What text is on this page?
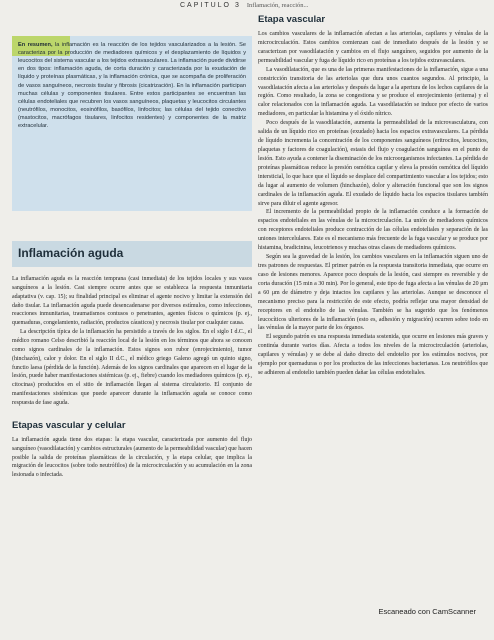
CAPITULO 3 Inflamación, reacción...
En resumen, la inflamación es la reacción de los tejidos vascularizados a la lesión. Se caracteriza por la producción de mediadores químicos y el desplazamiento de líquidos y leucocitos del sistema vascular a los tejidos extravasculares. La inflamación puede dividirse en dos tipos: inflamación aguda, de corta duración y caracterizada por la exudación de líquido y proteínas plasmáticas, y la inflamación crónica, que se acompaña de proliferación de vasos sanguíneos, necrosis tisular y fibrosis (cicatrización). En la inflamación participan muchas células y componentes tisulares. Entre estos participantes se encuentran las células endoteliales que recubren los vasos sanguíneos, plaquetas y leucocitos circulantes (neutrófilos, monocitos, eosinófilos, basófilos, linfocitos; las células del tejido conectivo (mastocitos, macrófagos tisulares, linfocitos residentes) y componentes de la matriz extracelular.
Inflamación aguda

La inflamación aguda es la reacción temprana (casi inmediata) de los tejidos locales y sus vasos sanguíneos a la lesión. Casi siempre ocurre antes que se establezca la respuesta inmunitaria adaptativa (v. cap. 15); su finalidad principal es eliminar el agente nocivo y limitar la extensión del daño tisular. La inflamación aguda puede desencadenarse por diversos estímulos, como infecciones, reacciones inmunitarias, traumatismos contusos o penetrantes, agentes físicos o químicos (p. ej., quemaduras, congelamiento, radiación, productos cáusticos) y necrosis tisular por cualquier causa.

La descripción típica de la inflamación ha persistido a través de los siglos. En el siglo I d.C., el médico romano Celso describió la reacción local de la lesión en los términos que ahora se conocen como signos cardinales de la inflamación. Estos signos son rubor (enrojecimiento), tumor (hinchazón), calor y dolor. En el siglo II d.C., el médico griego Galeno agregó un quinto signo, functio laesa (pérdida de la función). Además de los signos cardinales que aparecen en el lugar de la lesión, puede haber manifestaciones sistémicas (p. ej., fiebre) cuando los mediadores químicos (p. ej., citocinas) producidos en el sitio de inflamación llegan al sistema circulatorio. El conjunto de manifestaciones sistémicas que puede aparecer durante la inflamación aguda se conoce como respuesta de fase aguda.

Etapas vascular y celular

La inflamación aguda tiene dos etapas: la etapa vascular, caracterizada por aumento del flujo sanguíneo (vasodilatación) y cambios estructurales (aumento de la permeabilidad vascular) que hacen posible la salida de proteínas plasmáticas de la circulación, y la etapa celular, que implica la migración de leucocitos (sobre todo neutrófilos) de la microcirculación y su acumulación en la zona lesionada o infectada.

Etapa vascular

Los cambios vasculares de la inflamación afectan a las arteriolas, capilares y vénulas de la microcirculación. Estos cambios comienzan casi de inmediato después de la lesión y se caracterizan por vasodilatación y cambios en el flujo sanguíneo, seguidos por aumento de la permeabilidad vascular y fuga de líquido rico en proteínas a los tejidos extravasculares.

La vasodilatación, que es una de las primeras manifestaciones de la inflamación, sigue a una constricción transitoria de las arteriolas que dura unos cuantos segundos. Al principio, la vasodilatación afecta a las arteriolas y después da lugar a la apertura de los lechos capilares de la región. Como resultado, la zona se congestiona y se produce el enrojecimiento (eritema) y el calor relacionados con la inflamación aguda. La vasodilatación se induce por efecto de varios mediadores, en particular la histamina y el óxido nítrico.

Poco después de la vasodilatación, aumenta la permeabilidad de la microvasculatura, con salida de un líquido rico en proteínas (exudado) hacia los espacios extravasculares. La pérdida de líquido incrementa la concentración de los componentes sanguíneos (eritrocitos, leucocitos, plaquetas y factores de coagulación), estasis del flujo y coagulación sanguínea en el punto de lesión. Esto ayuda a contener la diseminación de los microorganismos infectantes. La pérdida de proteínas plasmáticas reduce la presión osmótica capilar y eleva la presión osmótica del líquido intersticial, lo que hace que el líquido se desplace del compartimiento vascular a los tejidos; esto da lugar al aumento de volumen (hinchazón), dolor y alteración funcional que son los signos cardinales de la inflamación aguda. El exudado de líquido hacia los espacios tisulares también sirve para diluir el agente agresor.

El incremento de la permeabilidad propio de la inflamación conduce a la formación de espacios endoteliales en las vénulas de la microcirculación. La unión de mediadores químicos con receptores endoteliales produce contracción de las células endoteliales y separación de las uniones intercelulares. Este es el mecanismo más frecuente de la fuga vascular y se produce por histamina, bradicinina, leucotrienos y muchas otras clases de mediadores químicos.

Según sea la gravedad de la lesión, los cambios vasculares en la inflamación siguen uno de tres patrones de respuestas. El primer patrón es la respuesta transitoria inmediata, que ocurre en caso de lesiones menores. Aparece poco después de la lesión, casi siempre es reversible y de corta duración (15 min a 30 min). Por lo general, este tipo de fuga afecta a las vénulas de 20 μm a 60 μm de diámetro y deja intactos los capilares y las arteriolas. Aunque se desconoce el mecanismo preciso para la restricción de este efecto, podría reflejar una mayor densidad de receptores en el endotelio de las vénulas. También se ha sugerido que los fenómenos leucocíticos ulteriores de la inflamación (esto es, adhesión y migración) ocurren sobre todo en las vénulas de la mayor parte de los órganos.

El segundo patrón es una respuesta inmediata sostenida, que ocurre en lesiones más graves y continúa durante varios días. Afecta a todos los niveles de la microcirculación (arteriolas, capilares y vénulas) y se debe al daño directo del endotelio por los estímulos nocivos, por ejemplo por quemaduras o por los productos de las infecciones bacterianas. Los neutrófilos que se adhieren al endotelio también pueden dañar las células endoteliales.

Escaneado con CamScanner
